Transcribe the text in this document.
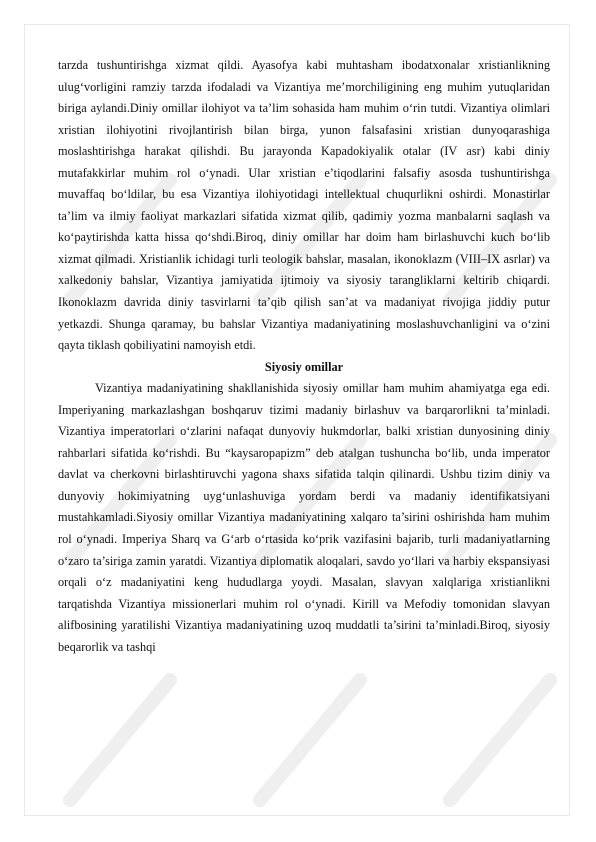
tarzda tushuntirishga xizmat qildi. Ayasofya kabi muhtasham ibodatxonalar xristianlikning ulug‘vorligini ramziy tarzda ifodaladi va Vizantiya me’morchiligining eng muhim yutuqlaridan biriga aylandi.Diniy omillar ilohiyot va ta’lim sohasida ham muhim o‘rin tutdi. Vizantiya olimlari xristian ilohiyotini rivojlantirish bilan birga, yunon falsafasini xristian dunyoqarashiga moslashtirishga harakat qilishdi. Bu jarayonda Kapadokiyalik otalar (IV asr) kabi diniy mutafakkirlar muhim rol o‘ynadi. Ular xristian e’tiqodlarini falsafiy asosda tushuntirishga muvaffaq bo‘ldilar, bu esa Vizantiya ilohiyotidagi intellektual chuqurlikni oshirdi. Monastirlar ta’lim va ilmiy faoliyat markazlari sifatida xizmat qilib, qadimiy yozma manbalarni saqlash va ko‘paytirishda katta hissa qo‘shdi.Biroq, diniy omillar har doim ham birlashuvchi kuch bo‘lib xizmat qilmadi. Xristianlik ichidagi turli teologik bahslar, masalan, ikonoklazm (VIII–IX asrlar) va xalkedoniy bahslar, Vizantiya jamiyatida ijtimoiy va siyosiy tarangliklarni keltirib chiqardi. Ikonoklazm davrida diniy tasvirlarni ta’qib qilish san’at va madaniyat rivojiga jiddiy putur yetkazdi. Shunga qaramay, bu bahslar Vizantiya madaniyatining moslashuvchanligini va o‘zini qayta tiklash qobiliyatini namoyish etdi.

Siyosiy omillar

Vizantiya madaniyatining shakllanishida siyosiy omillar ham muhim ahamiyatga ega edi. Imperiyaning markazlashgan boshqaruv tizimi madaniy birlashuv va barqarorlikni ta’minladi. Vizantiya imperatorlari o‘zlarini nafaqat dunyoviy hukmdorlar, balki xristian dunyosining diniy rahbarlari sifatida ko‘rishdi. Bu “kaysaropapizm” deb atalgan tushuncha bo‘lib, unda imperator davlat va cherkovni birlashtiruvchi yagona shaxs sifatida talqin qilinardi. Ushbu tizim diniy va dunyoviy hokimiyatning uyg‘unlashuviga yordam berdi va madaniy identifikatsiyani mustahkamladi.Siyosiy omillar Vizantiya madaniyatining xalqaro ta’sirini oshirishda ham muhim rol o‘ynadi. Imperiya Sharq va G‘arb o‘rtasida ko‘prik vazifasini bajarib, turli madaniyatlarning o‘zaro ta’siriga zamin yaratdi. Vizantiya diplomatik aloqalari, savdo yo‘llari va harbiy ekspansiyasi orqali o‘z madaniyatini keng hududlarga yoydi. Masalan, slavyan xalqlariga xristianlikni tarqatishda Vizantiya missionerlari muhim rol o‘ynadi. Kirill va Mefodiy tomonidan slavyan alifbosining yaratilishi Vizantiya madaniyatining uzoq muddatli ta’sirini ta’minladi.Biroq, siyosiy beqarorlik va tashqi
